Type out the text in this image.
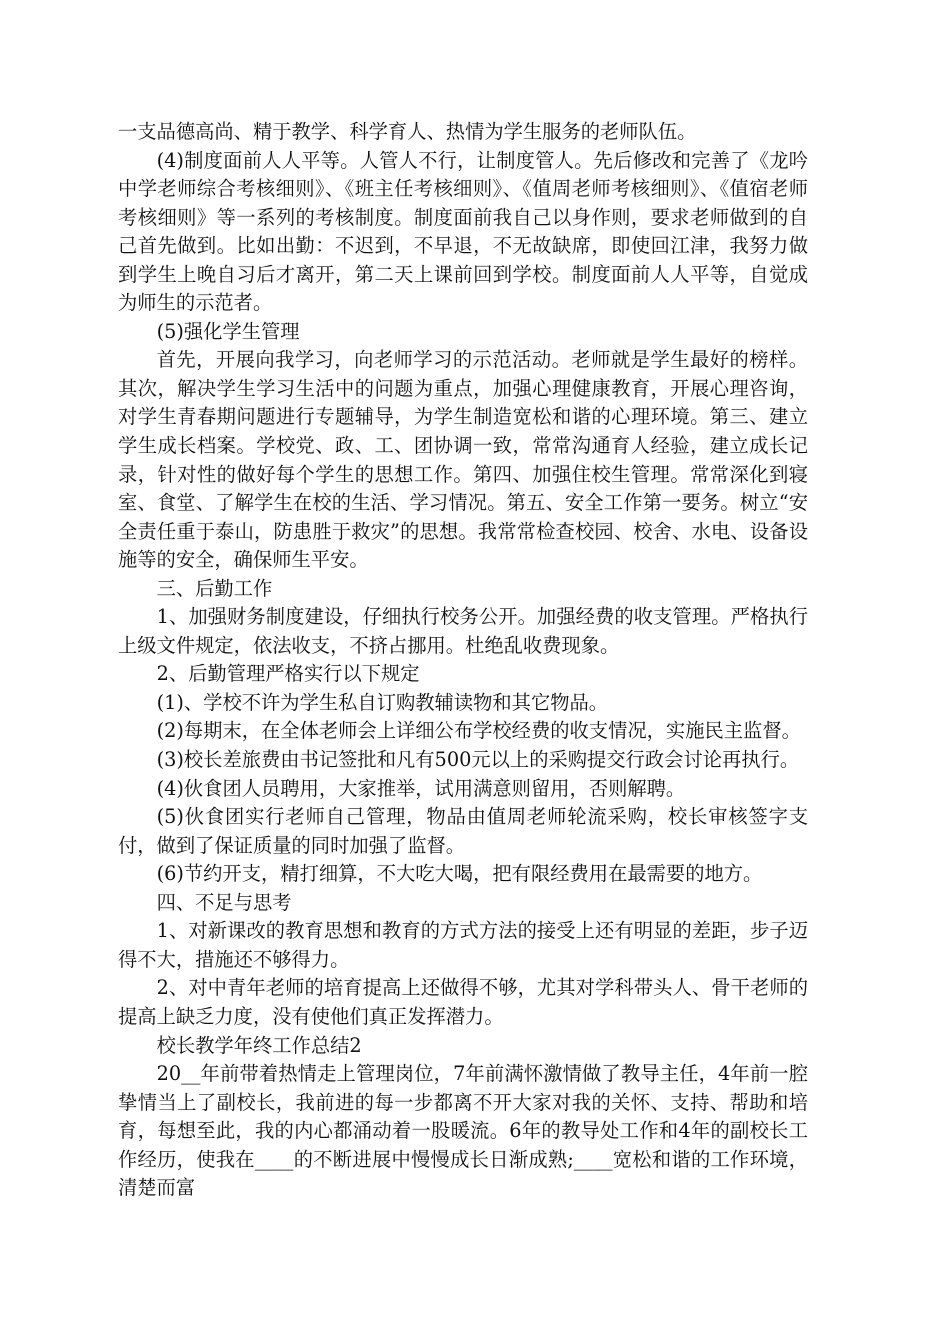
一支品德高尚、精于教学、科学育人、热情为学生服务的老师队伍。

(4)制度面前人人平等。人管人不行，让制度管人。先后修改和完善了《龙吟中学老师综合考核细则》、《班主任考核细则》、《值周老师考核细则》、《值宿老师考核细则》等一系列的考核制度。制度面前我自己以身作则，要求老师做到的自己首先做到。比如出勤：不迟到，不早退，不无故缺席，即使回江津，我努力做到学生上晚自习后才离开，第二天上课前回到学校。制度面前人人平等，自觉成为师生的示范者。

(5)强化学生管理

首先，开展向我学习，向老师学习的示范活动。老师就是学生最好的榜样。其次，解决学生学习生活中的问题为重点，加强心理健康教育，开展心理咨询，对学生青春期问题进行专题辅导，为学生制造宽松和谐的心理环境。第三、建立学生成长档案。学校党、政、工、团协调一致，常常沟通育人经验，建立成长记录，针对性的做好每个学生的思想工作。第四、加强住校生管理。常常深化到寝室、食堂、了解学生在校的生活、学习情况。第五、安全工作第一要务。树立“安全责任重于泰山，防患胜于救灾”的思想。我常常检查校园、校舍、水电、设备设施等的安全，确保师生平安。

三、后勤工作

1、加强财务制度建设，仔细执行校务公开。加强经费的收支管理。严格执行上级文件规定，依法收支，不挤占挪用。杜绝乱收费现象。

2、后勤管理严格实行以下规定

(1)、学校不许为学生私自订购教辅读物和其它物品。

(2)每期末，在全体老师会上详细公布学校经费的收支情况，实施民主监督。

(3)校长差旅费由书记签批和凡有500元以上的采购提交行政会讨论再执行。

(4)伙食团人员聘用，大家推举，试用满意则留用，否则解聘。

(5)伙食团实行老师自己管理，物品由值周老师轮流采购，校长审核签字支付，做到了保证质量的同时加强了监督。

(6)节约开支，精打细算，不大吃大喝，把有限经费用在最需要的地方。

四、不足与思考

1、对新课改的教育思想和教育的方式方法的接受上还有明显的差距，步子迈得不大，措施还不够得力。

2、对中青年老师的培育提高上还做得不够，尤其对学科带头人、骨干老师的提高上缺乏力度，没有使他们真正发挥潜力。

校长教学年终工作总结2

20__年前带着热情走上管理岗位，7年前满怀激情做了教导主任，4年前一腔挚情当上了副校长，我前进的每一步都离不开大家对我的关怀、支持、帮助和培育，每想至此，我的内心都涌动着一股暖流。6年的教导处工作和4年的副校长工作经历，使我在____的不断进展中慢慢成长日渐成熟;____宽松和谐的工作环境，清楚而富
